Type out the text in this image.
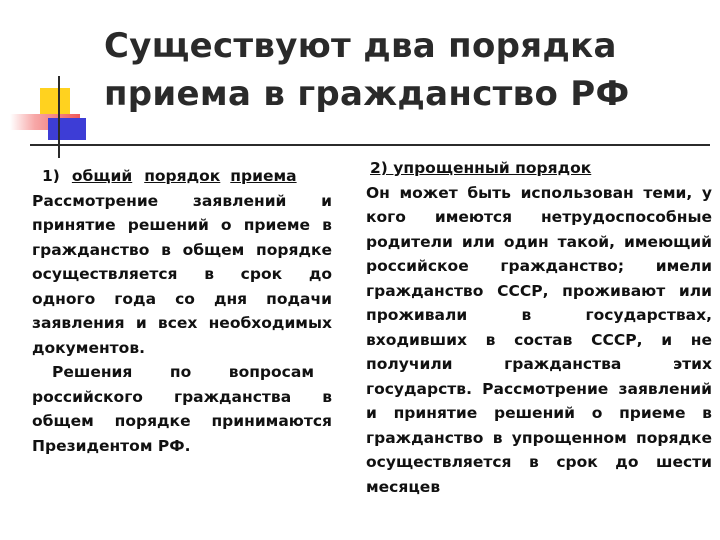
Существуют два порядка
приема в гражданство РФ
1) общий порядок приема
Рассмотрение заявлений и
принятие решений о приеме в
гражданство в общем порядке
осуществляется в срок до
одного года со дня подачи
заявления и всех необходимых
документов.
Решения по вопросам
российского гражданства в
общем порядке принимаются
Президентом РФ.
2) упрощенный порядок
Он может быть использован теми, у
кого имеются нетрудоспособные
родители или один такой, имеющий
российское гражданство; имели
гражданство СССР, проживают или
проживали в государствах,
входивших в состав СССР, и не
получили гражданства этих
государств. Рассмотрение заявлений
и принятие решений о приеме в
гражданство в упрощенном порядке
осуществляется в срок до шести
месяцев
